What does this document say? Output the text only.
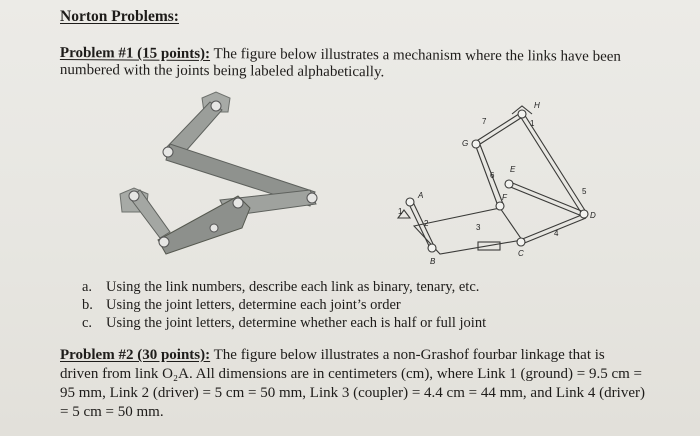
Norton Problems:
Problem #1 (15 points): The figure below illustrates a mechanism where the links have been
numbered with the joints being labeled alphabetically.
1
2	3
4
5
6
7	1
A
B
C
D
E
F
G
H
a. Using the link numbers, describe each link as binary, tenary, etc.
b. Using the joint letters, determine each joint’s order
c. Using the joint letters, determine whether each is half or full joint
Problem #2 (30 points): The figure below illustrates a non-Grashof fourbar linkage that is
driven from link O₂A. All dimensions are in centimeters (cm), where Link 1 (ground) = 9.5 cm =
95 mm, Link 2 (driver) = 5 cm = 50 mm, Link 3 (coupler) = 4.4 cm = 44 mm, and Link 4 (driver)
= 5 cm = 50 mm.
